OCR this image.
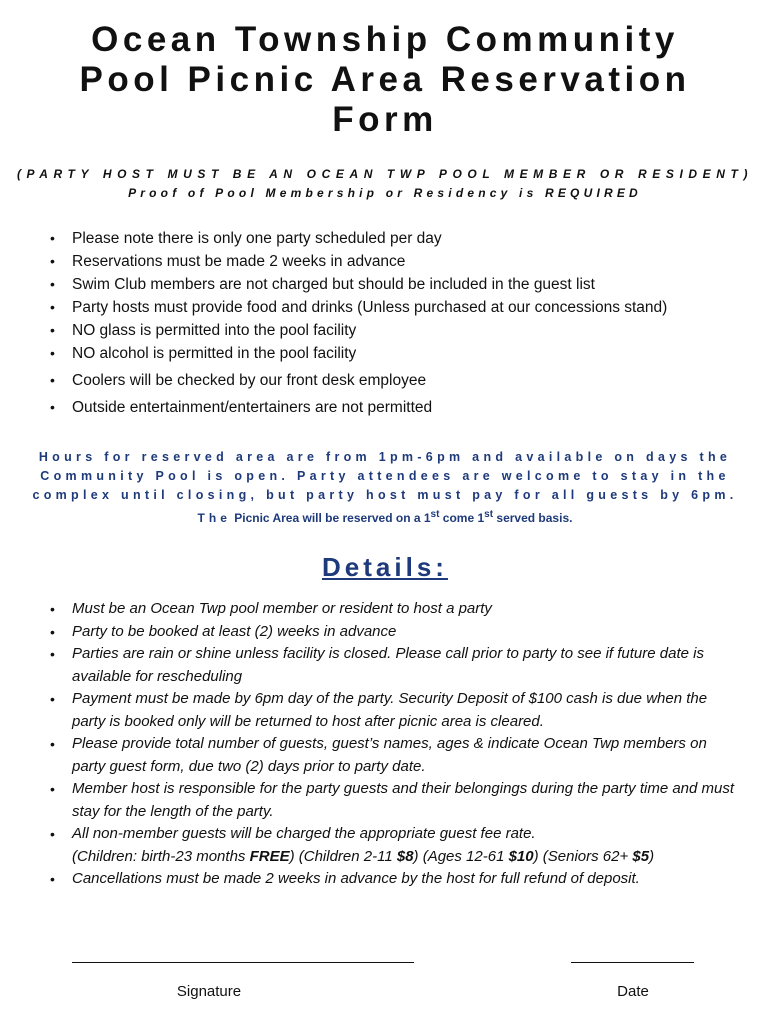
Ocean Township Community
Pool Picnic Area Reservation
Form
(PARTY HOST MUST BE AN OCEAN TWP POOL MEMBER OR RESIDENT)
Proof of Pool Membership or Residency is REQUIRED
• Please note there is only one party scheduled per day
• Reservations must be made 2 weeks in advance
• Swim Club members are not charged but should be included in the guest list
• Party hosts must provide food and drinks (Unless purchased at our concessions stand)
• NO glass is permitted into the pool facility
• NO alcohol is permitted in the pool facility
• Coolers will be checked by our front desk employee
• Outside entertainment/entertainers are not permitted
Hours for reserved area are from 1pm-6pm and available on days the
Community Pool is open. Party attendees are welcome to stay in the
complex until closing, but party host must pay for all guests by 6pm.
The Picnic Area will be reserved on a 1st come 1st served basis.
Details:
• Must be an Ocean Twp pool member or resident to host a party
• Party to be booked at least (2) weeks in advance
• Parties are rain or shine unless facility is closed. Please call prior to party to see if future date is available for rescheduling
• Payment must be made by 6pm day of the party. Security Deposit of $100 cash is due when the party is booked only will be returned to host after picnic area is cleared.
• Please provide total number of guests, guest’s names, ages & indicate Ocean Twp members on party guest form, due two (2) days prior to party date.
• Member host is responsible for the party guests and their belongings during the party time and must stay for the length of the party.
• All non-member guests will be charged the appropriate guest fee rate.
(Children: birth-23 months FREE) (Children 2-11 $8) (Ages 12-61 $10) (Seniors 62+ $5)
• Cancellations must be made 2 weeks in advance by the host for full refund of deposit.
Signature	Date
